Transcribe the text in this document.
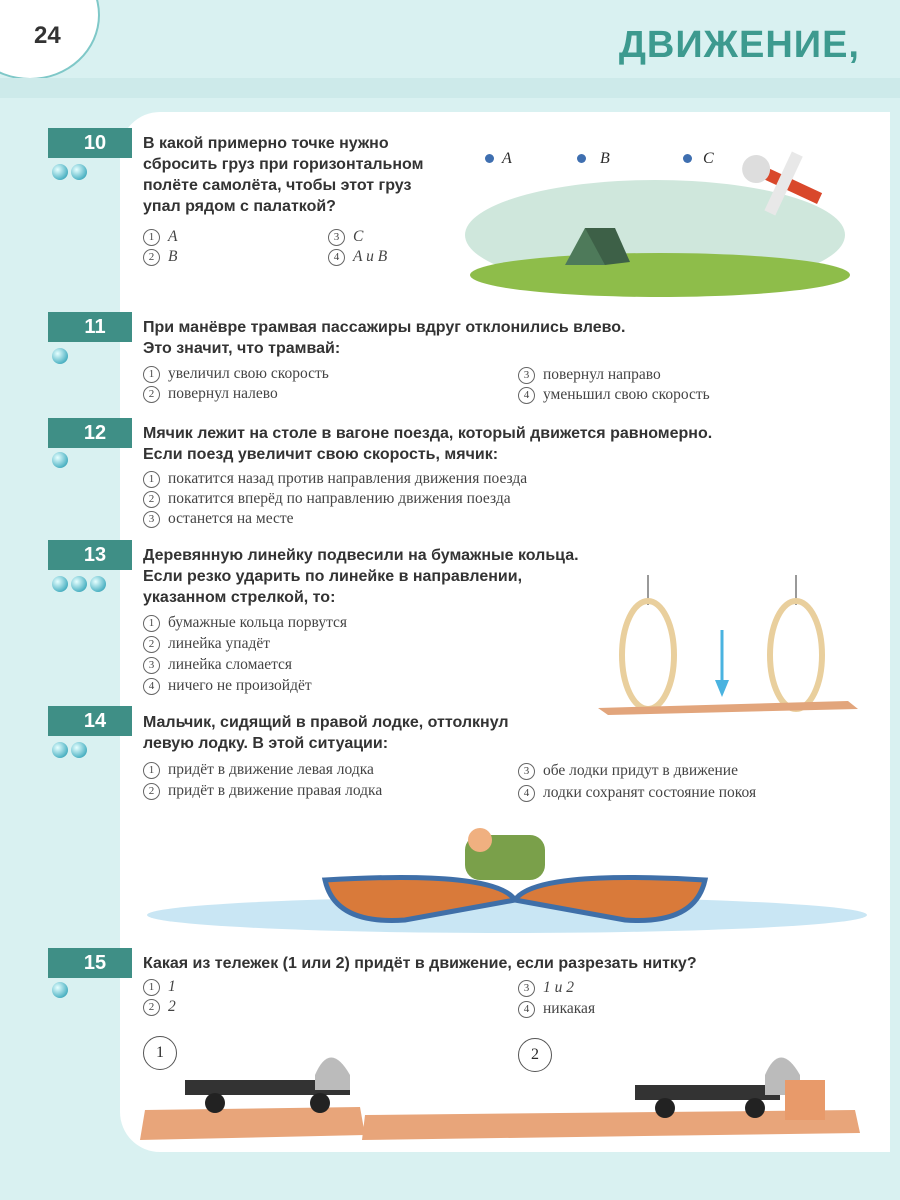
24	ДВИЖЕНИЕ,
10	В какой примерно точке нужно
сбросить груз при горизонтальном
полёте самолёта, чтобы этот груз
упал рядом с палаткой?
1 A
2 B
3 C
4 A и B
A	B	C
11	При манёвре трамвая пассажиры вдруг отклонились влево.
Это значит, что трамвай:
1 увеличил свою скорость
2 повернул налево
3 повернул направо
4 уменьшил свою скорость
12	Мячик лежит на столе в вагоне поезда, который движется равномерно.
Если поезд увеличит свою скорость, мячик:
1 покатится назад против направления движения поезда
2 покатится вперёд по направлению движения поезда
3 останется на месте
13	Деревянную линейку подвесили на бумажные кольца.
Если резко ударить по линейке в направлении,
указанном стрелкой, то:
1 бумажные кольца порвутся
2 линейка упадёт
3 линейка сломается
4 ничего не произойдёт
14	Мальчик, сидящий в правой лодке, оттолкнул
левую лодку. В этой ситуации:
1 придёт в движение левая лодка
2 придёт в движение правая лодка
3 обе лодки придут в движение
4 лодки сохранят состояние покоя
15	Какая из тележек (1 или 2) придёт в движение, если разрезать нитку?
1 1
2 2
3 1 и 2
4 никакая
1	2
